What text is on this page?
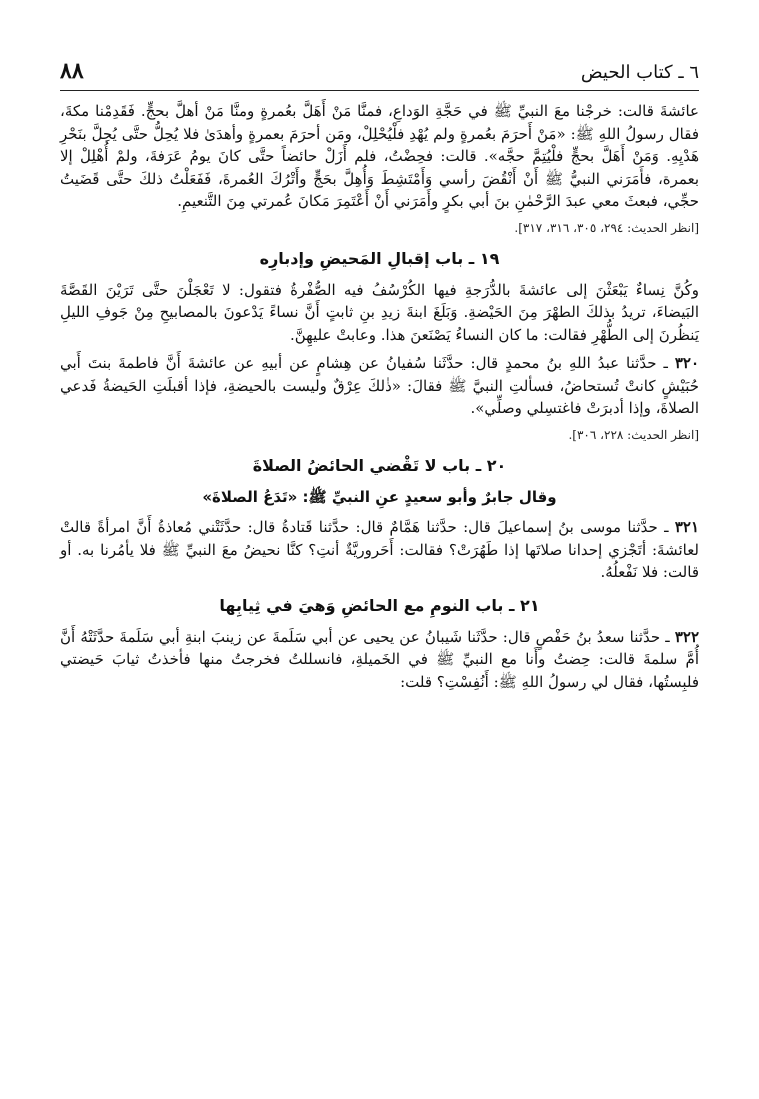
٨٨	٦ ـ كتاب الحيض

عائشةَ قالت: خرجْنا معَ النبيِّ ﷺ في حَجَّةِ الوَداعِ، فمنَّا مَنْ أَهَلَّ بعُمرةٍ ومنَّا مَنْ أهلَّ بحجٍّ. فَقَدِمْنا مكةَ، فقال رسولُ اللهِ ﷺ: «مَنْ أَحرَمَ بعُمرةٍ ولم يُهْدِ فلْيُحْلِلْ، ومَن أحرَمَ بعمرةٍ وأهدَىٰ فلا يُحِلُّ حتَّى يُحِلَّ بنَحْرِ هَدْيِهِ. وَمَنْ أَهَلَّ بحجٍّ فلْيُتِمَّ حجَّه». قالت: فحِضْتُ، فلم أَزَلْ حائضاً حتَّى كانَ يومُ عَرَفةَ، ولمْ أُهْلِلْ إلا بعمرة، فأَمَرَني النبيُّ ﷺ أَنْ أَنْقُضَ رأسي وَأَمْتَشِطَ وَأُهِلَّ بحَجٍّ وأَتْرُكَ العُمرةَ، فَفَعَلْتُ ذلكَ حتَّى قَضَيتُ حجِّي، فبعثَ معي عبدَ الرَّحْمٰنِ بنَ أبي بكرٍ وأَمَرَني أَنْ أَعْتَمِرَ مَكانَ عُمرتي مِنَ التَّنعيمِ.

[انظر الحديث: ٢٩٤، ٣٠٥، ٣١٦، ٣١٧].
١٩ ـ باب إقبالِ المَحيضِ وإدبارِه

وكُنَّ نِساءٌ يَبْعَثْنَ إلى عائشةَ بالدُّرَجةِ فيها الكُرْسُفُ فيه الصُّفْرةُ فتقول: لا تَعْجَلْنَ حتَّى تَرَيْنَ القَصَّةَ البَيضاءَ، تريدُ بذلكَ الطهْرَ مِنَ الحَيْضةِ. وَبَلَغَ ابنةَ زيدِ بنِ ثابتٍ أَنَّ نساءً يَدْعونَ بالمصابيحِ مِنْ جَوفِ الليلِ يَنظُرنَ إلى الطُّهْرِ فقالت: ما كان النساءُ يَصْنَعنَ هذا. وعابتْ عليهِنَّ.

٣٢٠ ـ حدَّثنا عبدُ اللهِ بنُ محمدٍ قال: حدَّثَنا سُفيانُ عن هِشامٍ عن أبيهِ عن عائشةَ أَنَّ فاطمةَ بنتَ أَبي حُبَيْشٍ كانتْ تُستحاضُ، فسألتِ النبيَّ ﷺ فقالَ: «ذٰلكَ عِرْقٌ وليست بالحيضةِ، فإذا أقبلَتِ الحَيضةُ فَدعي الصلاةَ، وإذا أدبرَتْ فاغتسِلي وصلِّي».

[انظر الحديث: ٢٢٨، ٣٠٦].
٢٠ ـ باب لا تَقْضي الحائضُ الصلاةَ
وقال جابرٌ وأبو سعيدٍ عنِ النبيِّ ﷺ: «تَدَعُ الصلاةَ»

٣٢١ ـ حدَّثنا موسى بنُ إسماعيلَ قال: حدَّثنا هَمَّامٌ قال: حدَّثنا قَتادةُ قال: حدَّثَتْني مُعاذةُ أَنَّ امرأةً قالتْ لعائشةَ: أتَجْزي إحدانا صلاتَها إذا طَهُرَتْ؟ فقالت: أَحَروريَّةٌ أنتِ؟ كنَّا نحيضُ معَ النبيِّ ﷺ فلا يأمُرنا به. أو قالت: فلا نَفْعلُهُ.

٢١ ـ باب النومِ مع الحائضِ وَهيَ في ثِيابِها

٣٢٢ ـ حدَّثنا سعدُ بنُ حَفْصٍ قال: حدَّثَنا شَيبانُ عن يحيى عن أبي سَلَمةَ عن زينبَ ابنةِ أبي سَلَمةَ حدَّثَتْهُ أَنَّ أُمَّ سلمةَ قالت: حِضتُ وأَنا مع النبيِّ ﷺ في الخَميلةِ، فانسللتُ فخرجتُ منها فأخذتُ ثيابَ حَيضتي فلبِستُها، فقال لي رسولُ اللهِ ﷺ: أَنُفِسْتِ؟ قلت:
